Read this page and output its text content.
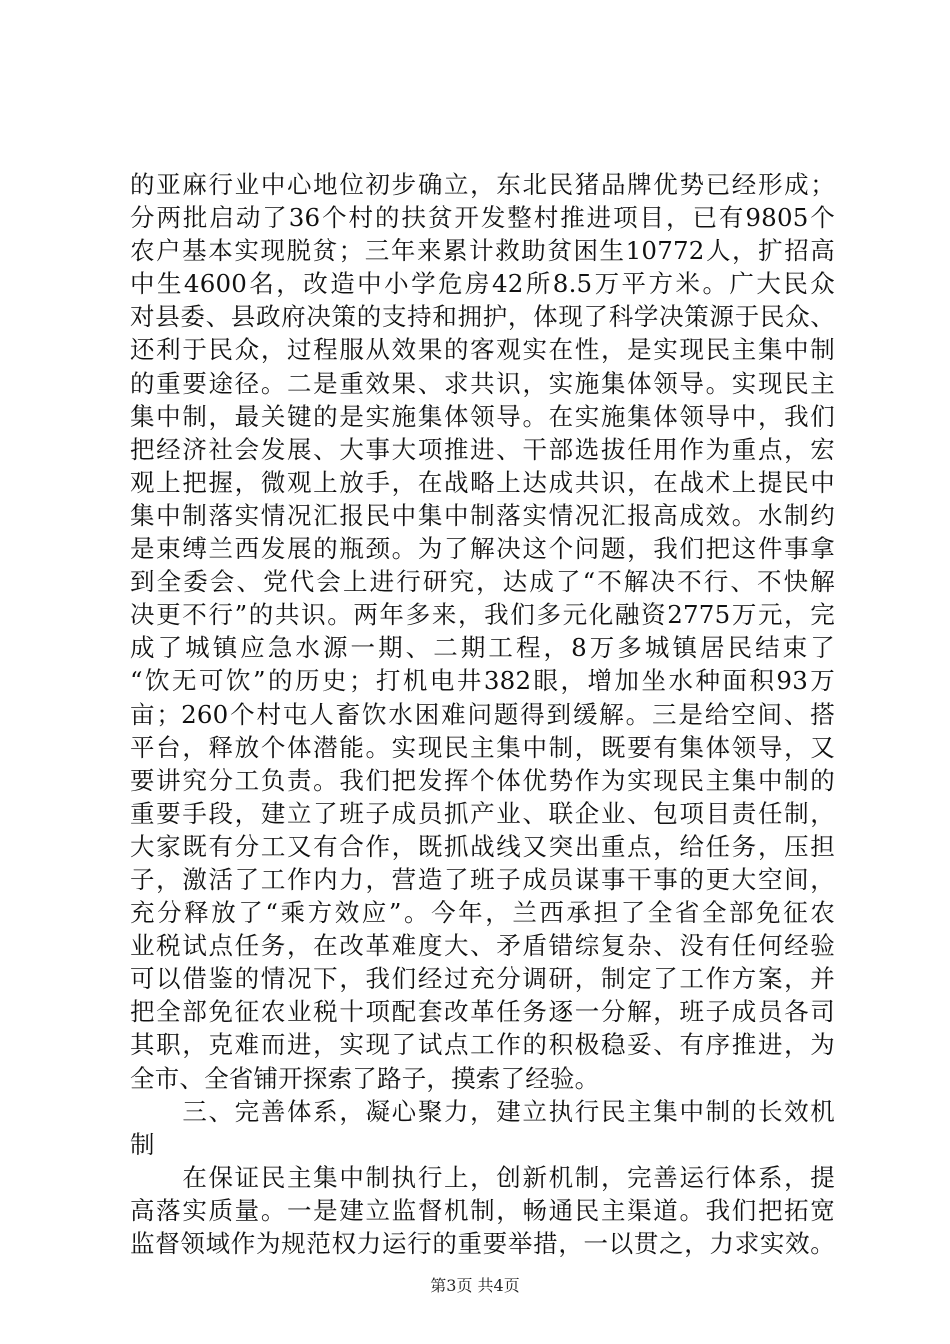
的亚麻行业中心地位初步确立，东北民猪品牌优势已经形成；
分两批启动了36个村的扶贫开发整村推进项目，已有9805个
农户基本实现脱贫；三年来累计救助贫困生10772人，扩招高
中生4600名，改造中小学危房42所8.5万平方米。广大民众
对县委、县政府决策的支持和拥护，体现了科学决策源于民众、
还利于民众，过程服从效果的客观实在性，是实现民主集中制
的重要途径。二是重效果、求共识，实施集体领导。实现民主
集中制，最关键的是实施集体领导。在实施集体领导中，我们
把经济社会发展、大事大项推进、干部选拔任用作为重点，宏
观上把握，微观上放手，在战略上达成共识，在战术上提民中
集中制落实情况汇报民中集中制落实情况汇报高成效。水制约
是束缚兰西发展的瓶颈。为了解决这个问题，我们把这件事拿
到全委会、党代会上进行研究，达成了“不解决不行、不快解
决更不行”的共识。两年多来，我们多元化融资2775万元，完
成了城镇应急水源一期、二期工程，8万多城镇居民结束了
“饮无可饮”的历史；打机电井382眼，增加坐水种面积93万
亩；260个村屯人畜饮水困难问题得到缓解。三是给空间、搭
平台，释放个体潜能。实现民主集中制，既要有集体领导，又
要讲究分工负责。我们把发挥个体优势作为实现民主集中制的
重要手段，建立了班子成员抓产业、联企业、包项目责任制，
大家既有分工又有合作，既抓战线又突出重点，给任务，压担
子，激活了工作内力，营造了班子成员谋事干事的更大空间，
充分释放了“乘方效应”。今年，兰西承担了全省全部免征农
业税试点任务，在改革难度大、矛盾错综复杂、没有任何经验
可以借鉴的情况下，我们经过充分调研，制定了工作方案，并
把全部免征农业税十项配套改革任务逐一分解，班子成员各司
其职，克难而进，实现了试点工作的积极稳妥、有序推进，为
全市、全省铺开探索了路子，摸索了经验。
　　三、完善体系，凝心聚力，建立执行民主集中制的长效机
制
　　在保证民主集中制执行上，创新机制，完善运行体系，提
高落实质量。一是建立监督机制，畅通民主渠道。我们把拓宽
监督领域作为规范权力运行的重要举措，一以贯之，力求实效。
第3页 共4页
